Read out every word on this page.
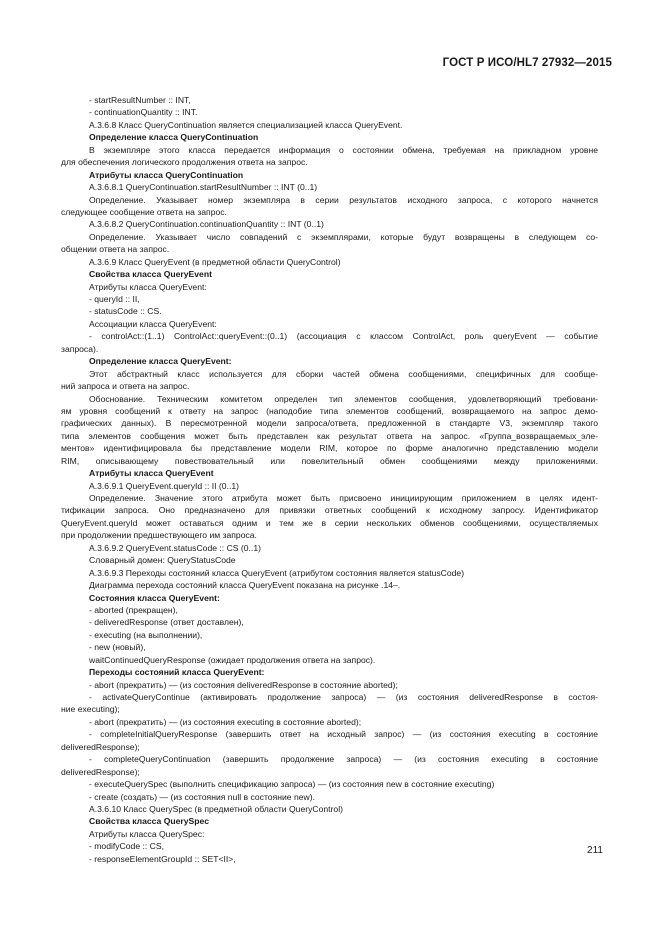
ГОСТ Р ИСО/HL7 27932—2015
- startResultNumber :: INT,
- continuationQuantity :: INT.
А.3.6.8 Класс QueryContinuation является специализацией класса QueryEvent.
Определение класса QueryContinuation
В экземпляре этого класса передается информация о состоянии обмена, требуемая на прикладном уровне
для обеспечения логического продолжения ответа на запрос.
Атрибуты класса QueryContinuation
А.3.6.8.1 QueryContinuation.startResultNumber :: INT (0..1)
Определение. Указывает номер экземпляра в серии результатов исходного запроса, с которого начнется
следующее сообщение ответа на запрос.
А.3.6.8.2 QueryContinuation.continuationQuantity :: INT (0..1)
Определение. Указывает число совпадений с экземплярами, которые будут возвращены в следующем со-
общении ответа на запрос.
А.3.6.9 Класс QueryEvent (в предметной области QueryControl)
Свойства класса QueryEvent
Атрибуты класса QueryEvent:
- queryId :: II,
- statusCode :: CS.
Ассоциации класса QueryEvent:
- controlAct::(1..1) ControlAct::queryEvent::(0..1) (ассоциация с классом ControlAct, роль queryEvent — событие
запроса).
Определение класса QueryEvent:
Этот абстрактный класс используется для сборки частей обмена сообщениями, специфичных для сообще-
ний запроса и ответа на запрос.
Обоснование. Техническим комитетом определен тип элементов сообщения, удовлетворяющий требовани-
ям уровня сообщений к ответу на запрос (наподобие типа элементов сообщений, возвращаемого на запрос демо-
графических данных). В пересмотренной модели запроса/ответа, предложенной в стандарте V3, экземпляр такого
типа элементов сообщения может быть представлен как результат ответа на запрос. «Группа_возвращаемых_эле-
ментов» идентифицировала бы представление модели RIM, которое по форме аналогично представлению модели
RIM, описывающему повествовательный или повелительный обмен сообщениями между приложениями.
Атрибуты класса QueryEvent
А.3.6.9.1 QueryEvent.queryId :: II (0..1)
Определение. Значение этого атрибута может быть присвоено инициирующим приложением в целях идент-
тификации запроса. Оно предназначено для привязки ответных сообщений к исходному запросу. Идентификатор
QueryEvent.queryId может оставаться одним и тем же в серии нескольких обменов сообщениями, осуществляемых
при продолжении предшествующего им запроса.
А.3.6.9.2 QueryEvent.statusCode :: CS (0..1)
Словарный домен: QueryStatusCode
А.3.6.9.3 Переходы состояний класса QueryEvent (атрибутом состояния является statusCode)
Диаграмма перехода состояний класса QueryEvent показана на рисунке .14–.
Состояния класса QueryEvent:
- aborted (прекращен),
- deliveredResponse (ответ доставлен),
- executing (на выполнении),
- new (новый),
waitContinuedQueryResponse (ожидает продолжения ответа на запрос).
Переходы состояний класса QueryEvent:
- abort (прекратить) — (из состояния deliveredResponse в состояние aborted);
- activateQueryContinue (активировать продолжение запроса) — (из состояния deliveredResponse в состоя-
ние executing);
- abort (прекратить) — (из состояния executing в состояние aborted);
- completeInitialQueryResponse (завершить ответ на исходный запрос) — (из состояния executing в состояние
deliveredResponse);
- completeQueryContinuation (завершить продолжение запроса) — (из состояния executing в состояние
deliveredResponse);
- executeQuerySpec (выполнить спецификацию запроса) — (из состояния new в состояние executing)
- create (создать) — (из состояния null в состояние new).
А.3.6.10 Класс QuerySpec (в предметной области QueryControl)
Свойства класса QuerySpec
Атрибуты класса QuerySpec:
- modifyCode :: CS,
- responseElementGroupId :: SET<II>,
211
